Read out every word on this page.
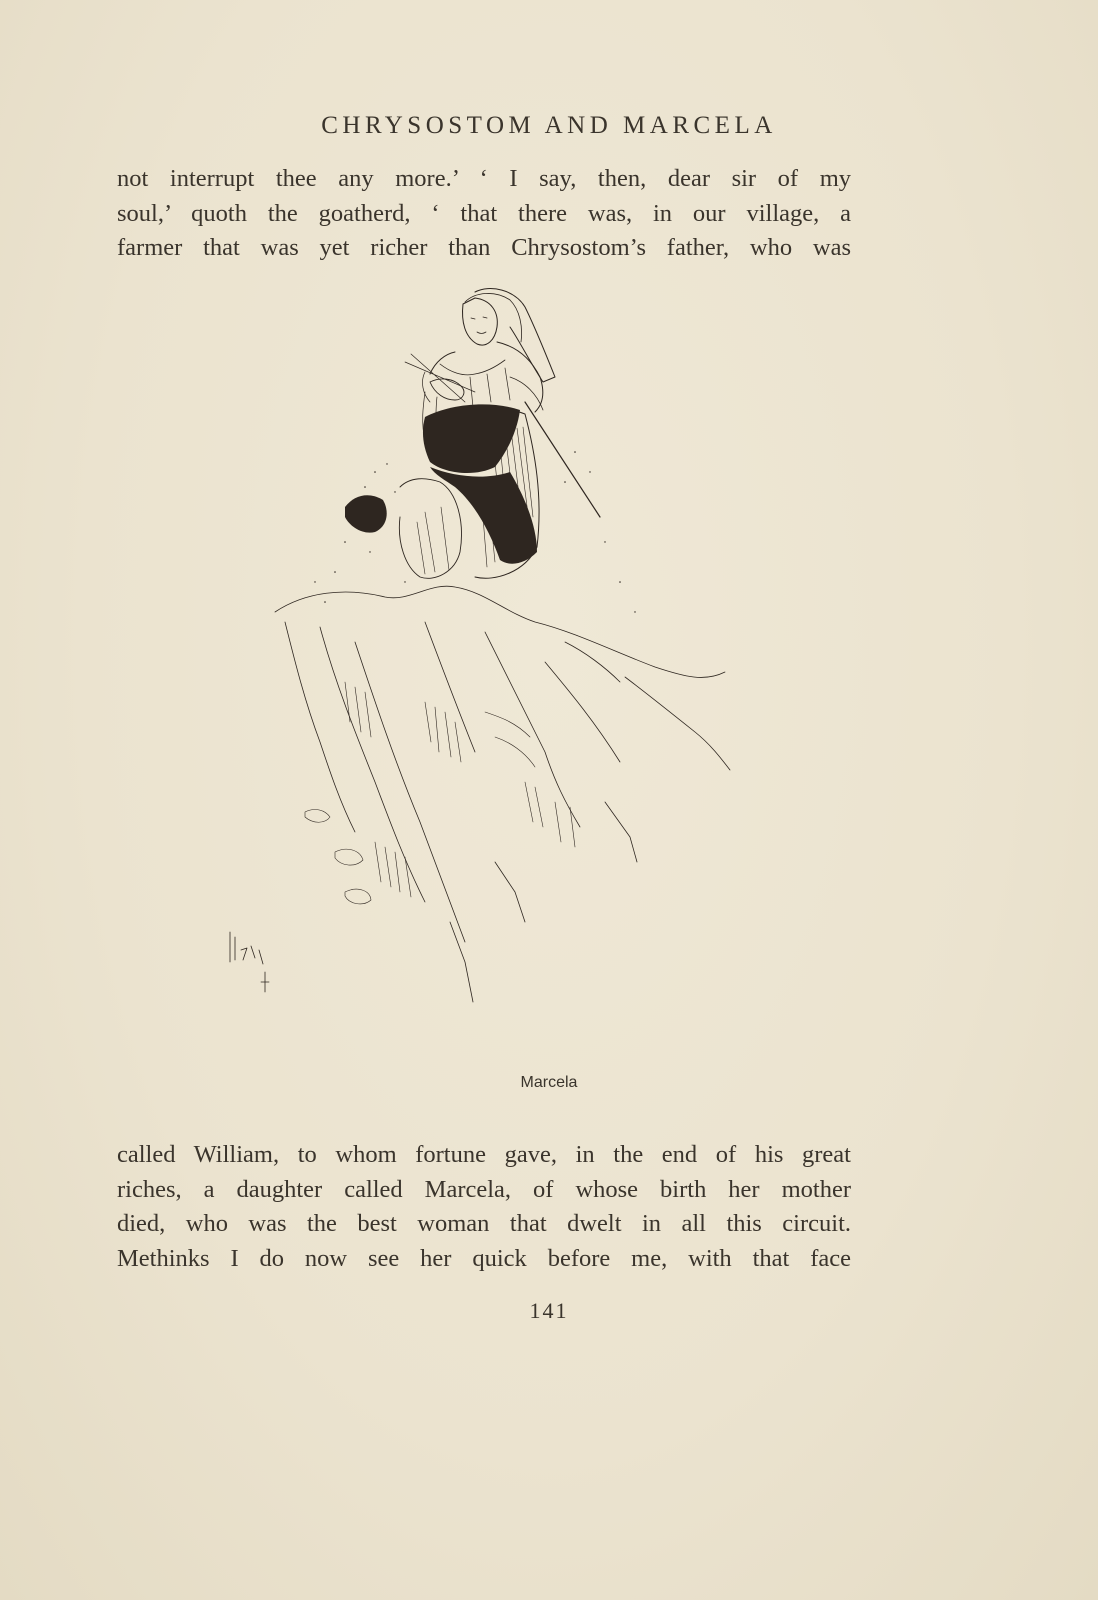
CHRYSOSTOM AND MARCELA
not interrupt thee any more.’ ‘ I say, then, dear sir of my
soul,’ quoth the goatherd, ‘ that there was, in our village, a
farmer that was yet richer than Chrysostom’s father, who was
Marcela
called William, to whom fortune gave, in the end of his great
riches, a daughter called Marcela, of whose birth her mother
died, who was the best woman that dwelt in all this circuit.
Methinks I do now see her quick before me, with that face
141
